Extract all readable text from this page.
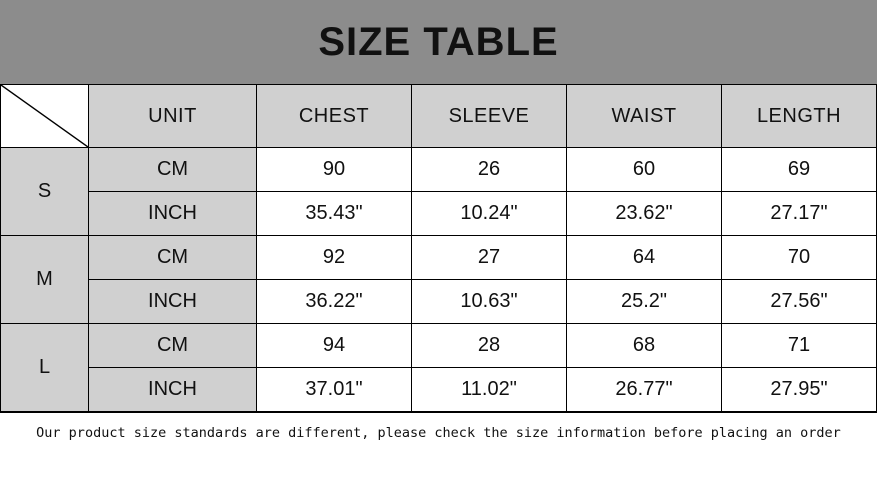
SIZE TABLE
	UNIT	CHEST	SLEEVE	WAIST	LENGTH
S	CM	90	26	60	69
	INCH	35.43"	10.24"	23.62"	27.17"
M	CM	92	27	64	70
	INCH	36.22"	10.63"	25.2"	27.56"
L	CM	94	28	68	71
	INCH	37.01"	11.02"	26.77"	27.95"
Our product size standards are different, please check the size information before placing an order
